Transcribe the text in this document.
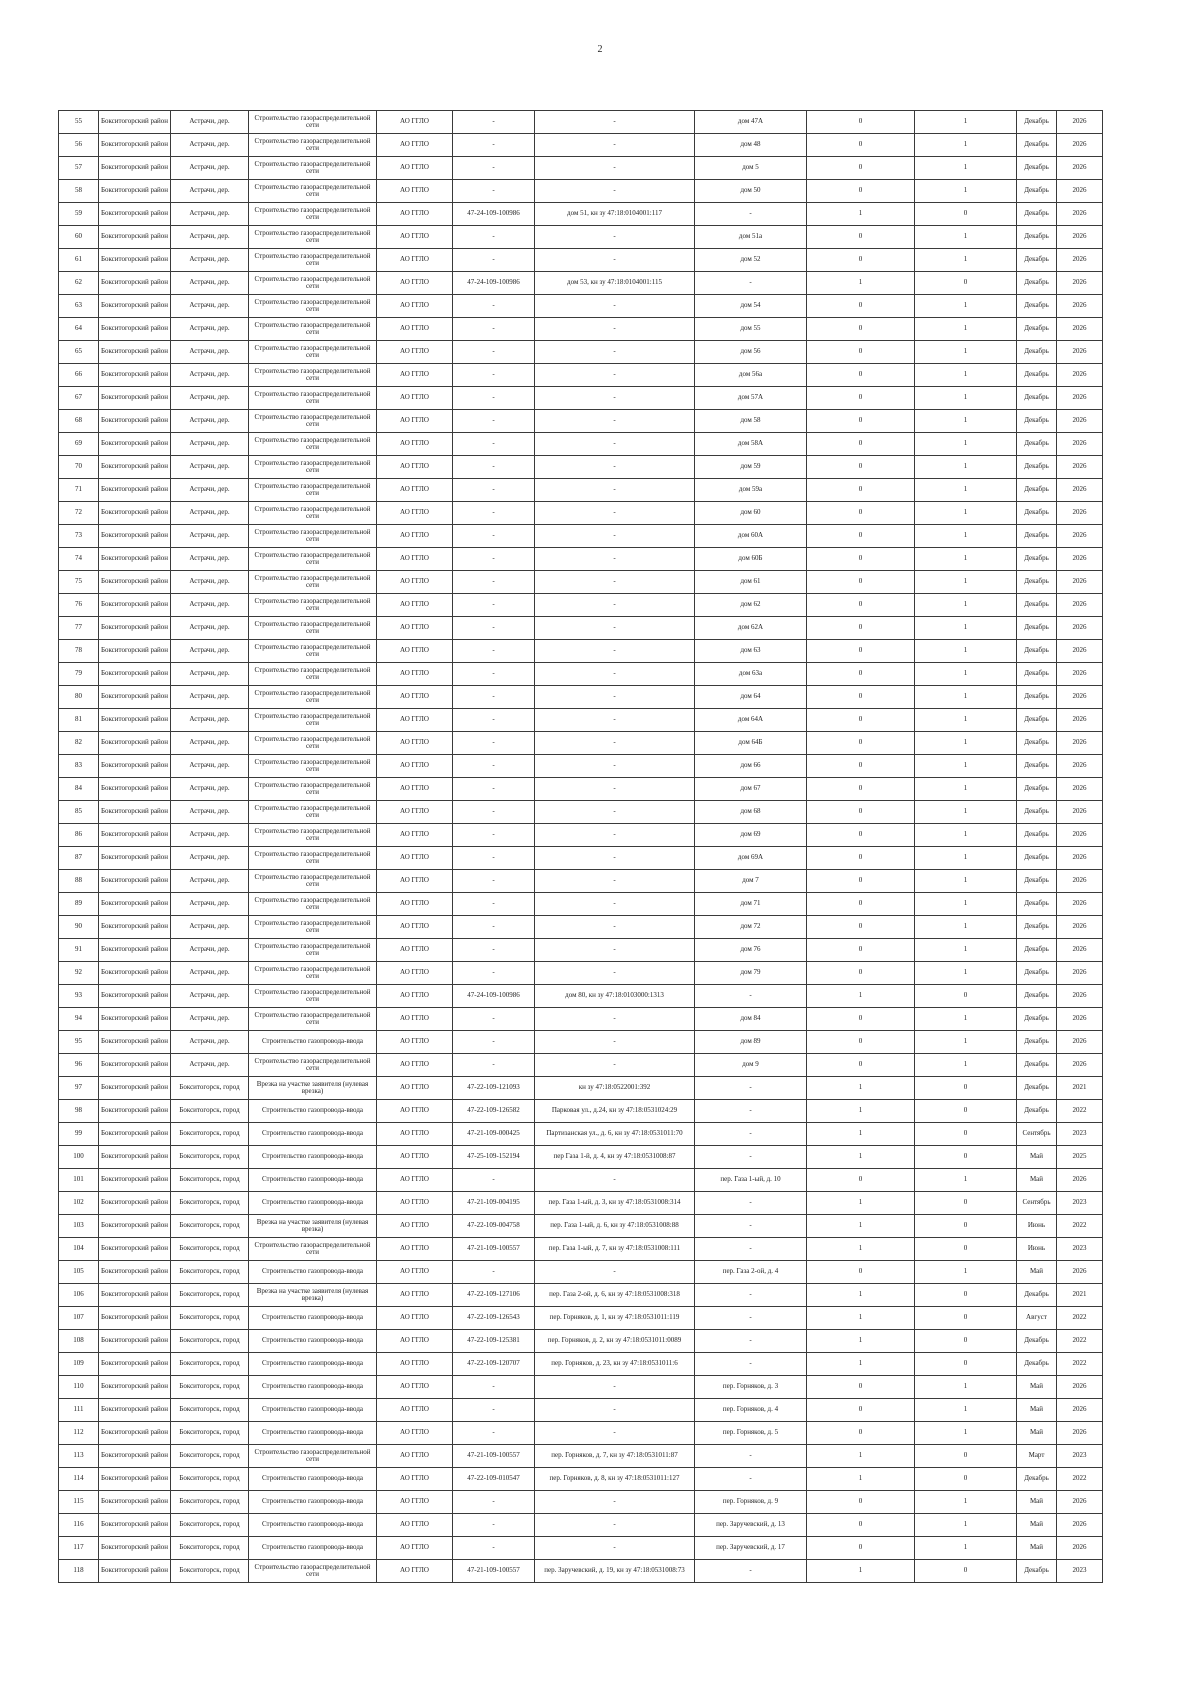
2
55	Бокситогорский район	Астрачи, дер.	Строительство газораспределительной сети	АО ГГЛО	-	-	дом 47А	0	1	Декабрь	2026
56	Бокситогорский район	Астрачи, дер.	Строительство газораспределительной сети	АО ГГЛО	-	-	дом 48	0	1	Декабрь	2026
57	Бокситогорский район	Астрачи, дер.	Строительство газораспределительной сети	АО ГГЛО	-	-	дом 5	0	1	Декабрь	2026
58	Бокситогорский район	Астрачи, дер.	Строительство газораспределительной сети	АО ГГЛО	-	-	дом 50	0	1	Декабрь	2026
59	Бокситогорский район	Астрачи, дер.	Строительство газораспределительной сети	АО ГГЛО	47-24-109-100986	дом 51, кн зу 47:18:0104001:117	-	1	0	Декабрь	2026
60	Бокситогорский район	Астрачи, дер.	Строительство газораспределительной сети	АО ГГЛО	-	-	дом 51а	0	1	Декабрь	2026
61	Бокситогорский район	Астрачи, дер.	Строительство газораспределительной сети	АО ГГЛО	-	-	дом 52	0	1	Декабрь	2026
62	Бокситогорский район	Астрачи, дер.	Строительство газораспределительной сети	АО ГГЛО	47-24-109-100986	дом 53, кн зу 47:18:0104001:115	-	1	0	Декабрь	2026
63	Бокситогорский район	Астрачи, дер.	Строительство газораспределительной сети	АО ГГЛО	-	-	дом 54	0	1	Декабрь	2026
64	Бокситогорский район	Астрачи, дер.	Строительство газораспределительной сети	АО ГГЛО	-	-	дом 55	0	1	Декабрь	2026
65	Бокситогорский район	Астрачи, дер.	Строительство газораспределительной сети	АО ГГЛО	-	-	дом 56	0	1	Декабрь	2026
66	Бокситогорский район	Астрачи, дер.	Строительство газораспределительной сети	АО ГГЛО	-	-	дом 56а	0	1	Декабрь	2026
67	Бокситогорский район	Астрачи, дер.	Строительство газораспределительной сети	АО ГГЛО	-	-	дом 57А	0	1	Декабрь	2026
68	Бокситогорский район	Астрачи, дер.	Строительство газораспределительной сети	АО ГГЛО	-	-	дом 58	0	1	Декабрь	2026
69	Бокситогорский район	Астрачи, дер.	Строительство газораспределительной сети	АО ГГЛО	-	-	дом 58А	0	1	Декабрь	2026
70	Бокситогорский район	Астрачи, дер.	Строительство газораспределительной сети	АО ГГЛО	-	-	дом 59	0	1	Декабрь	2026
71	Бокситогорский район	Астрачи, дер.	Строительство газораспределительной сети	АО ГГЛО	-	-	дом 59а	0	1	Декабрь	2026
72	Бокситогорский район	Астрачи, дер.	Строительство газораспределительной сети	АО ГГЛО	-	-	дом 60	0	1	Декабрь	2026
73	Бокситогорский район	Астрачи, дер.	Строительство газораспределительной сети	АО ГГЛО	-	-	дом 60А	0	1	Декабрь	2026
74	Бокситогорский район	Астрачи, дер.	Строительство газораспределительной сети	АО ГГЛО	-	-	дом 60Б	0	1	Декабрь	2026
75	Бокситогорский район	Астрачи, дер.	Строительство газораспределительной сети	АО ГГЛО	-	-	дом 61	0	1	Декабрь	2026
76	Бокситогорский район	Астрачи, дер.	Строительство газораспределительной сети	АО ГГЛО	-	-	дом 62	0	1	Декабрь	2026
77	Бокситогорский район	Астрачи, дер.	Строительство газораспределительной сети	АО ГГЛО	-	-	дом 62А	0	1	Декабрь	2026
78	Бокситогорский район	Астрачи, дер.	Строительство газораспределительной сети	АО ГГЛО	-	-	дом 63	0	1	Декабрь	2026
79	Бокситогорский район	Астрачи, дер.	Строительство газораспределительной сети	АО ГГЛО	-	-	дом 63а	0	1	Декабрь	2026
80	Бокситогорский район	Астрачи, дер.	Строительство газораспределительной сети	АО ГГЛО	-	-	дом 64	0	1	Декабрь	2026
81	Бокситогорский район	Астрачи, дер.	Строительство газораспределительной сети	АО ГГЛО	-	-	дом 64А	0	1	Декабрь	2026
82	Бокситогорский район	Астрачи, дер.	Строительство газораспределительной сети	АО ГГЛО	-	-	дом 64Б	0	1	Декабрь	2026
83	Бокситогорский район	Астрачи, дер.	Строительство газораспределительной сети	АО ГГЛО	-	-	дом 66	0	1	Декабрь	2026
84	Бокситогорский район	Астрачи, дер.	Строительство газораспределительной сети	АО ГГЛО	-	-	дом 67	0	1	Декабрь	2026
85	Бокситогорский район	Астрачи, дер.	Строительство газораспределительной сети	АО ГГЛО	-	-	дом 68	0	1	Декабрь	2026
86	Бокситогорский район	Астрачи, дер.	Строительство газораспределительной сети	АО ГГЛО	-	-	дом 69	0	1	Декабрь	2026
87	Бокситогорский район	Астрачи, дер.	Строительство газораспределительной сети	АО ГГЛО	-	-	дом 69А	0	1	Декабрь	2026
88	Бокситогорский район	Астрачи, дер.	Строительство газораспределительной сети	АО ГГЛО	-	-	дом 7	0	1	Декабрь	2026
89	Бокситогорский район	Астрачи, дер.	Строительство газораспределительной сети	АО ГГЛО	-	-	дом 71	0	1	Декабрь	2026
90	Бокситогорский район	Астрачи, дер.	Строительство газораспределительной сети	АО ГГЛО	-	-	дом 72	0	1	Декабрь	2026
91	Бокситогорский район	Астрачи, дер.	Строительство газораспределительной сети	АО ГГЛО	-	-	дом 76	0	1	Декабрь	2026
92	Бокситогорский район	Астрачи, дер.	Строительство газораспределительной сети	АО ГГЛО	-	-	дом 79	0	1	Декабрь	2026
93	Бокситогорский район	Астрачи, дер.	Строительство газораспределительной сети	АО ГГЛО	47-24-109-100986	дом 80, кн зу 47:18:0103000:1313	-	1	0	Декабрь	2026
94	Бокситогорский район	Астрачи, дер.	Строительство газораспределительной сети	АО ГГЛО	-	-	дом 84	0	1	Декабрь	2026
95	Бокситогорский район	Астрачи, дер.	Строительство газопровода-ввода	АО ГГЛО	-	-	дом 89	0	1	Декабрь	2026
96	Бокситогорский район	Астрачи, дер.	Строительство газораспределительной сети	АО ГГЛО	-	-	дом 9	0	1	Декабрь	2026
97	Бокситогорский район	Бокситогорск, город	Врезка на участке заявителя (нулевая врезка)	АО ГГЛО	47-22-109-121093	кн зу 47:18:0522001:392	-	1	0	Декабрь	2021
98	Бокситогорский район	Бокситогорск, город	Строительство газопровода-ввода	АО ГГЛО	47-22-109-126582	Парковая ул., д.24, кн зу 47:18:0531024:29	-	1	0	Декабрь	2022
99	Бокситогорский район	Бокситогорск, город	Строительство газопровода-ввода	АО ГГЛО	47-21-109-000425	Партизанская ул., д. 6, кн зу 47:18:0531011:70	-	1	0	Сентябрь	2023
100	Бокситогорский район	Бокситогорск, город	Строительство газопровода-ввода	АО ГГЛО	47-25-109-152194	пер Газа 1-й, д. 4, кн зу 47:18:0531008:87	-	1	0	Май	2025
101	Бокситогорский район	Бокситогорск, город	Строительство газопровода-ввода	АО ГГЛО	-	-	пер. Газа 1-ый, д. 10	0	1	Май	2026
102	Бокситогорский район	Бокситогорск, город	Строительство газопровода-ввода	АО ГГЛО	47-21-109-004195	пер. Газа 1-ый, д. 3, кн зу 47:18:0531008:314	-	1	0	Сентябрь	2023
103	Бокситогорский район	Бокситогорск, город	Врезка на участке заявителя (нулевая врезка)	АО ГГЛО	47-22-109-004758	пер. Газа 1-ый, д. 6, кн зу 47:18:0531008:88	-	1	0	Июнь	2022
104	Бокситогорский район	Бокситогорск, город	Строительство газораспределительной сети	АО ГГЛО	47-21-109-100557	пер. Газа 1-ый, д. 7, кн зу 47:18:0531008:111	-	1	0	Июнь	2023
105	Бокситогорский район	Бокситогорск, город	Строительство газопровода-ввода	АО ГГЛО	-	-	пер. Газа 2-ой, д. 4	0	1	Май	2026
106	Бокситогорский район	Бокситогорск, город	Врезка на участке заявителя (нулевая врезка)	АО ГГЛО	47-22-109-127106	пер. Газа 2-ой, д. 6, кн зу 47:18:0531008:318	-	1	0	Декабрь	2021
107	Бокситогорский район	Бокситогорск, город	Строительство газопровода-ввода	АО ГГЛО	47-22-109-126543	пер. Горняков, д. 1, кн зу 47:18:0531011:119	-	1	0	Август	2022
108	Бокситогорский район	Бокситогорск, город	Строительство газопровода-ввода	АО ГГЛО	47-22-109-125381	пер. Горняков, д. 2, кн зу 47:18:0531011:0089	-	1	0	Декабрь	2022
109	Бокситогорский район	Бокситогорск, город	Строительство газопровода-ввода	АО ГГЛО	47-22-109-120707	пер. Горняков, д. 23, кн зу 47:18:0531011:6	-	1	0	Декабрь	2022
110	Бокситогорский район	Бокситогорск, город	Строительство газопровода-ввода	АО ГГЛО	-	-	пер. Горняков, д. 3	0	1	Май	2026
111	Бокситогорский район	Бокситогорск, город	Строительство газопровода-ввода	АО ГГЛО	-	-	пер. Горняков, д. 4	0	1	Май	2026
112	Бокситогорский район	Бокситогорск, город	Строительство газопровода-ввода	АО ГГЛО	-	-	пер. Горняков, д. 5	0	1	Май	2026
113	Бокситогорский район	Бокситогорск, город	Строительство газораспределительной сети	АО ГГЛО	47-21-109-100557	пер. Горняков, д. 7, кн зу 47:18:0531011:87	-	1	0	Март	2023
114	Бокситогорский район	Бокситогорск, город	Строительство газопровода-ввода	АО ГГЛО	47-22-109-010547	пер. Горняков, д. 8, кн зу 47:18:0531011:127	-	1	0	Декабрь	2022
115	Бокситогорский район	Бокситогорск, город	Строительство газопровода-ввода	АО ГГЛО	-	-	пер. Горняков, д. 9	0	1	Май	2026
116	Бокситогорский район	Бокситогорск, город	Строительство газопровода-ввода	АО ГГЛО	-	-	пер. Заручевский, д. 13	0	1	Май	2026
117	Бокситогорский район	Бокситогорск, город	Строительство газопровода-ввода	АО ГГЛО	-	-	пер. Заручевский, д. 17	0	1	Май	2026
118	Бокситогорский район	Бокситогорск, город	Строительство газораспределительной сети	АО ГГЛО	47-21-109-100557	пер. Заручевский, д. 19, кн зу 47:18:0531008:73	-	1	0	Декабрь	2023
